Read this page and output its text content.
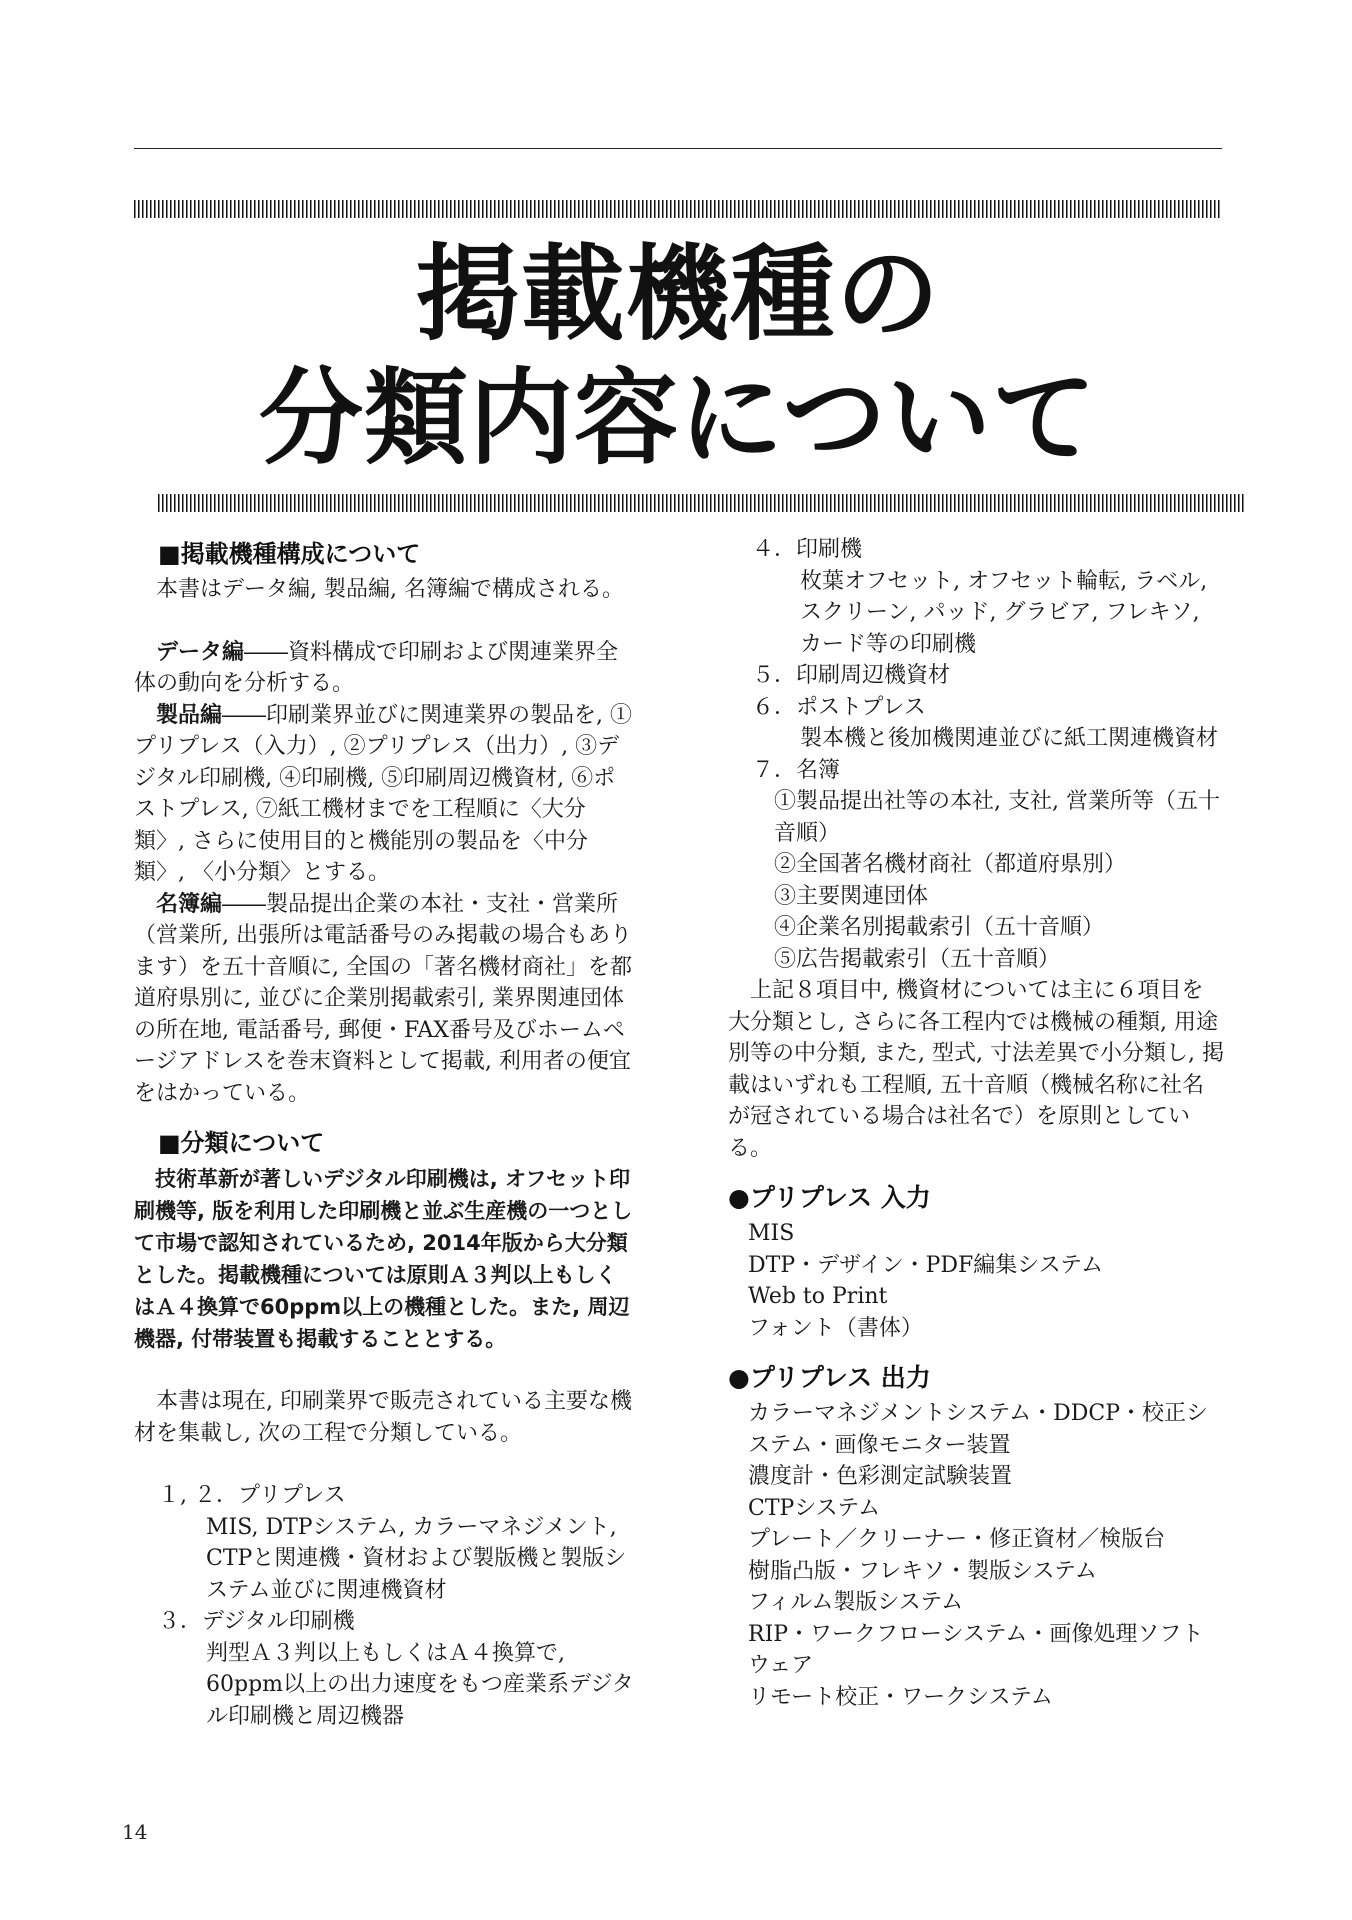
掲載機種の
分類内容について
■掲載機種構成について

本書はデータ編, 製品編, 名簿編で構成される。

データ編――資料構成で印刷および関連業界全体の動向を分析する。

製品編――印刷業界並びに関連業界の製品を, ①プリプレス（入力）, ②プリプレス（出力）, ③デジタル印刷機, ④印刷機, ⑤印刷周辺機資材, ⑥ポストプレス, ⑦紙工機材までを工程順に〈大分類〉, さらに使用目的と機能別の製品を〈中分類〉, 〈小分類〉とする。

名簿編――製品提出企業の本社・支社・営業所（営業所, 出張所は電話番号のみ掲載の場合もあります）を五十音順に, 全国の「著名機材商社」を都道府県別に, 並びに企業別掲載索引, 業界関連団体の所在地, 電話番号, 郵便・FAX番号及びホームページアドレスを巻末資料として掲載, 利用者の便宜をはかっている。

■分類について

技術革新が著しいデジタル印刷機は, オフセット印刷機等, 版を利用した印刷機と並ぶ生産機の一つとして市場で認知されているため, 2014年版から大分類とした。掲載機種については原則Ａ３判以上もしくはＡ４換算で60ppm以上の機種とした。また, 周辺機器, 付帯装置も掲載することとする。

本書は現在, 印刷業界で販売されている主要な機材を集載し, 次の工程で分類している。

１, ２．プリプレス

MIS, DTPシステム, カラーマネジメント, CTPと関連機・資材および製版機と製版システム並びに関連機資材

３．デジタル印刷機

判型Ａ３判以上もしくはＡ４換算で, 60ppm以上の出力速度をもつ産業系デジタル印刷機と周辺機器

４．印刷機

枚葉オフセット, オフセット輪転, ラベル, スクリーン, パッド, グラビア, フレキソ, カード等の印刷機

５．印刷周辺機資材

６．ポストプレス

製本機と後加機関連並びに紙工関連機資材

７．名簿

①製品提出社等の本社, 支社, 営業所等（五十音順）

②全国著名機材商社（都道府県別）

③主要関連団体

④企業名別掲載索引（五十音順）

⑤広告掲載索引（五十音順）

上記８項目中, 機資材については主に６項目を大分類とし, さらに各工程内では機械の種類, 用途別等の中分類, また, 型式, 寸法差異で小分類し, 掲載はいずれも工程順, 五十音順（機械名称に社名が冠されている場合は社名で）を原則としている。

●プリプレス 入力

MIS

DTP・デザイン・PDF編集システム

Web to Print

フォント（書体）

●プリプレス 出力

カラーマネジメントシステム・DDCP・校正システム・画像モニター装置

濃度計・色彩測定試験装置

CTPシステム

プレート／クリーナー・修正資材／検版台

樹脂凸版・フレキソ・製版システム

フィルム製版システム

RIP・ワークフローシステム・画像処理ソフトウェア

リモート校正・ワークシステム

14
